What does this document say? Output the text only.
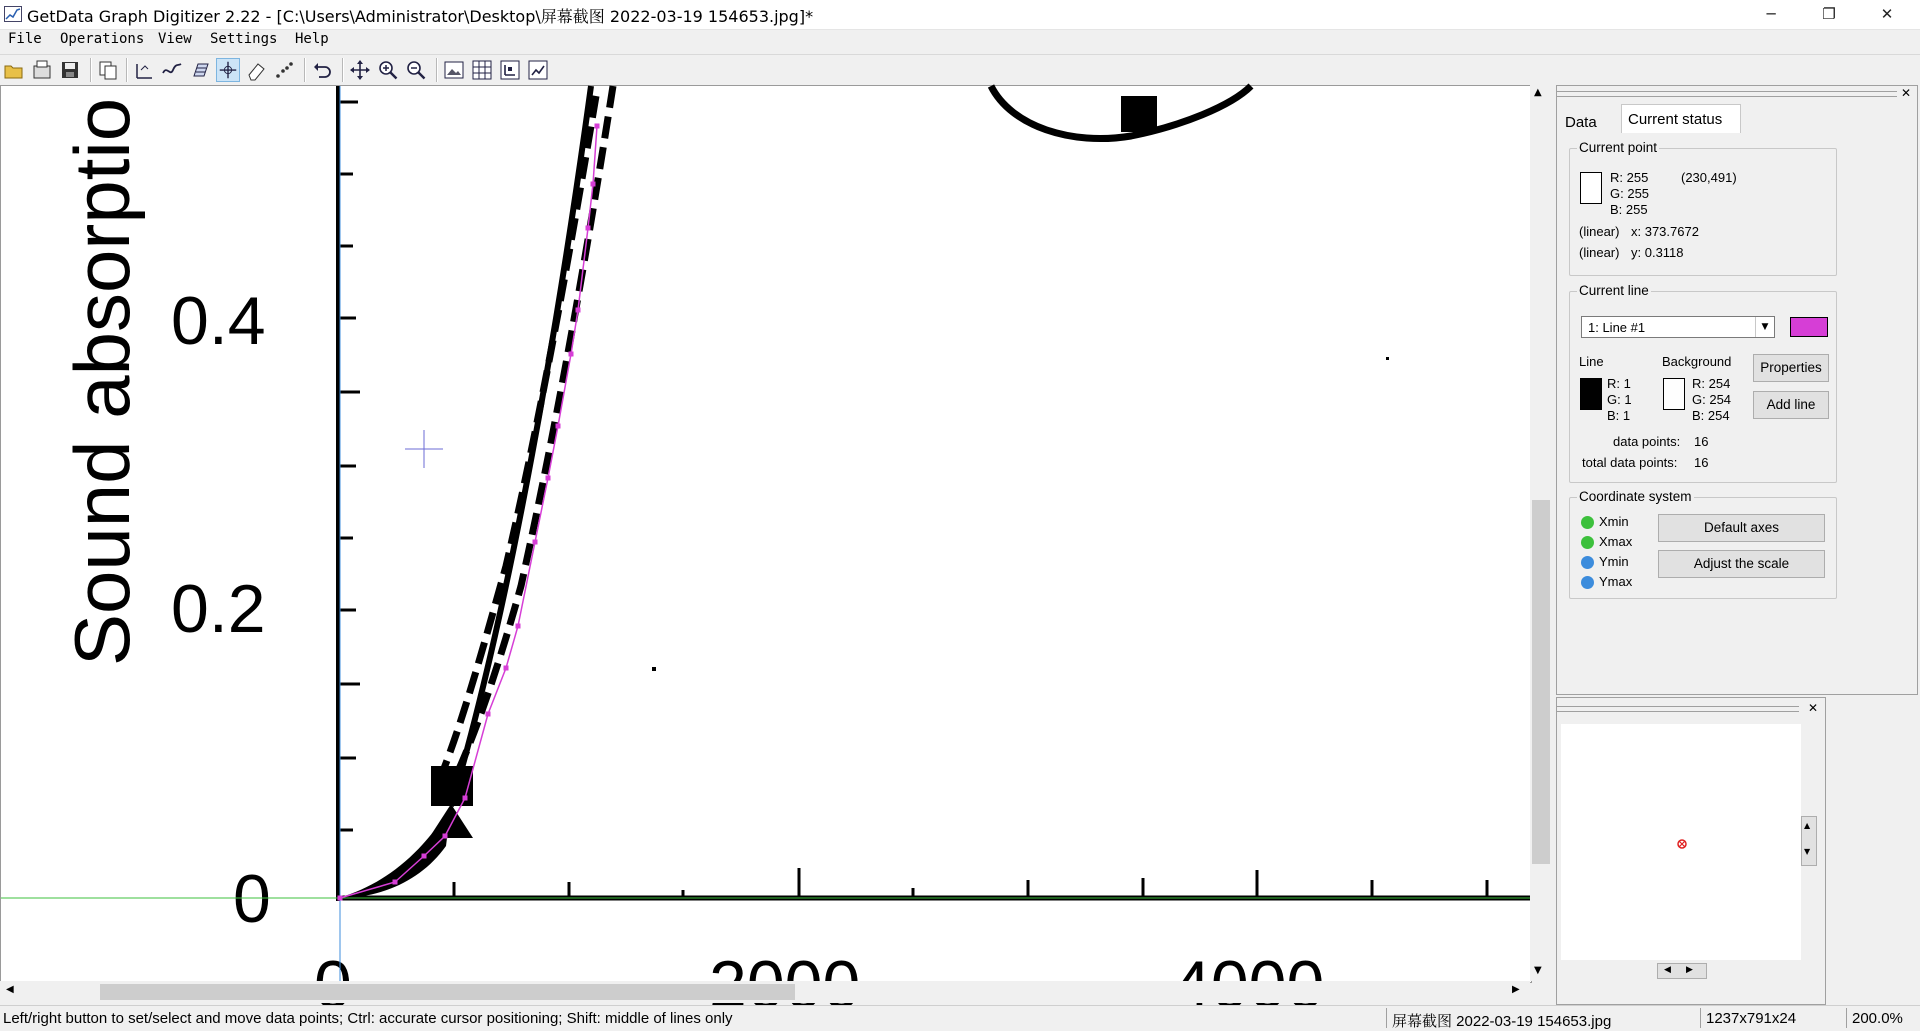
GetData Graph Digitizer 2.22 - [C:\Users\Administrator\Desktop\屏幕截图 2022-03-19 154653.jpg]*	─	❐	✕
File Operations View Settings Help
Sound absorptio 0.4
0.2
0
▲
▼
◀	▶
✕
Data Current status
Current point
R: 255
G: 255
B: 255
(230,491)
(linear) x: 373.7672
(linear) y: 0.3118
Current line
1: Line #1	▼
Line
R: 1
G: 1
B: 1
Background
R: 254
G: 254
B: 254
Properties
Add line
data points: 16
total data points: 16
Coordinate system
Xmin
Xmax
Ymin
Ymax
Default axes
Adjust the scale
✕
▲
▼
◀ ▶
Left/right button to set/select and move data points; Ctrl: accurate cursor positioning; Shift: middle of lines only	屏幕截图 2022-03-19 154653.jpg	1237x791x24	200.0%
